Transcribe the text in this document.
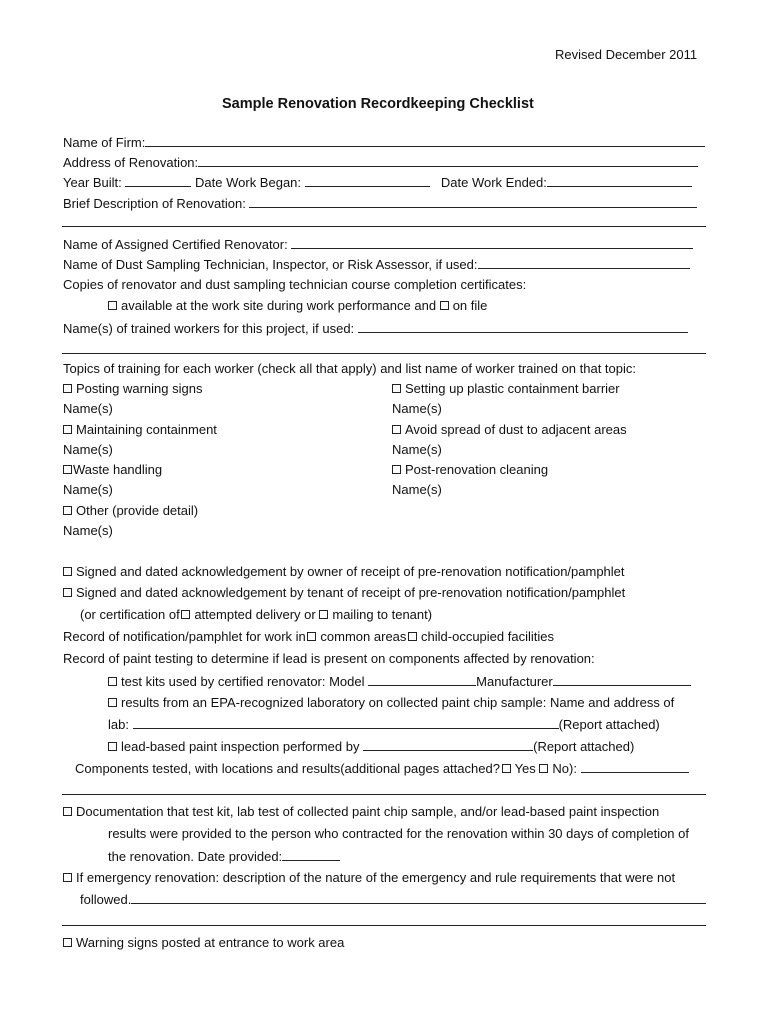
Revised December 2011
Sample Renovation Recordkeeping Checklist
Name of Firm:
Address of Renovation:
Year Built:	Date Work Began:	Date Work Ended:
Brief Description of Renovation:
Name of Assigned Certified Renovator:
Name of Dust Sampling Technician, Inspector, or Risk Assessor, if used:
Copies of renovator and dust sampling technician course completion certificates:
available at the work site during work performance and on file
Name(s) of trained workers for this project, if used:
Topics of training for each worker (check all that apply) and list name of worker trained on that topic:
Posting warning signs	Setting up plastic containment barrier
Name(s)	Name(s)
Maintaining containment	Avoid spread of dust to adjacent areas
Name(s)	Name(s)
Waste handling	Post-renovation cleaning
Name(s)	Name(s)
Other (provide detail)
Name(s)
Signed and dated acknowledgement by owner of receipt of pre-renovation notification/pamphlet
Signed and dated acknowledgement by tenant of receipt of pre-renovation notification/pamphlet
(or certification of attempted delivery or mailing to tenant)
Record of notification/pamphlet for work in common areas child-occupied facilities
Record of paint testing to determine if lead is present on components affected by renovation:
test kits used by certified renovator: Model	Manufacturer
results from an EPA-recognized laboratory on collected paint chip sample: Name and address of
lab:	(Report attached)
lead-based paint inspection performed by	(Report attached)
Components tested, with locations and results(additional pages attached? Yes No):
Documentation that test kit, lab test of collected paint chip sample, and/or lead-based paint inspection
results were provided to the person who contracted for the renovation within 30 days of completion of
the renovation. Date provided:
If emergency renovation: description of the nature of the emergency and rule requirements that were not
followed.
Warning signs posted at entrance to work area
